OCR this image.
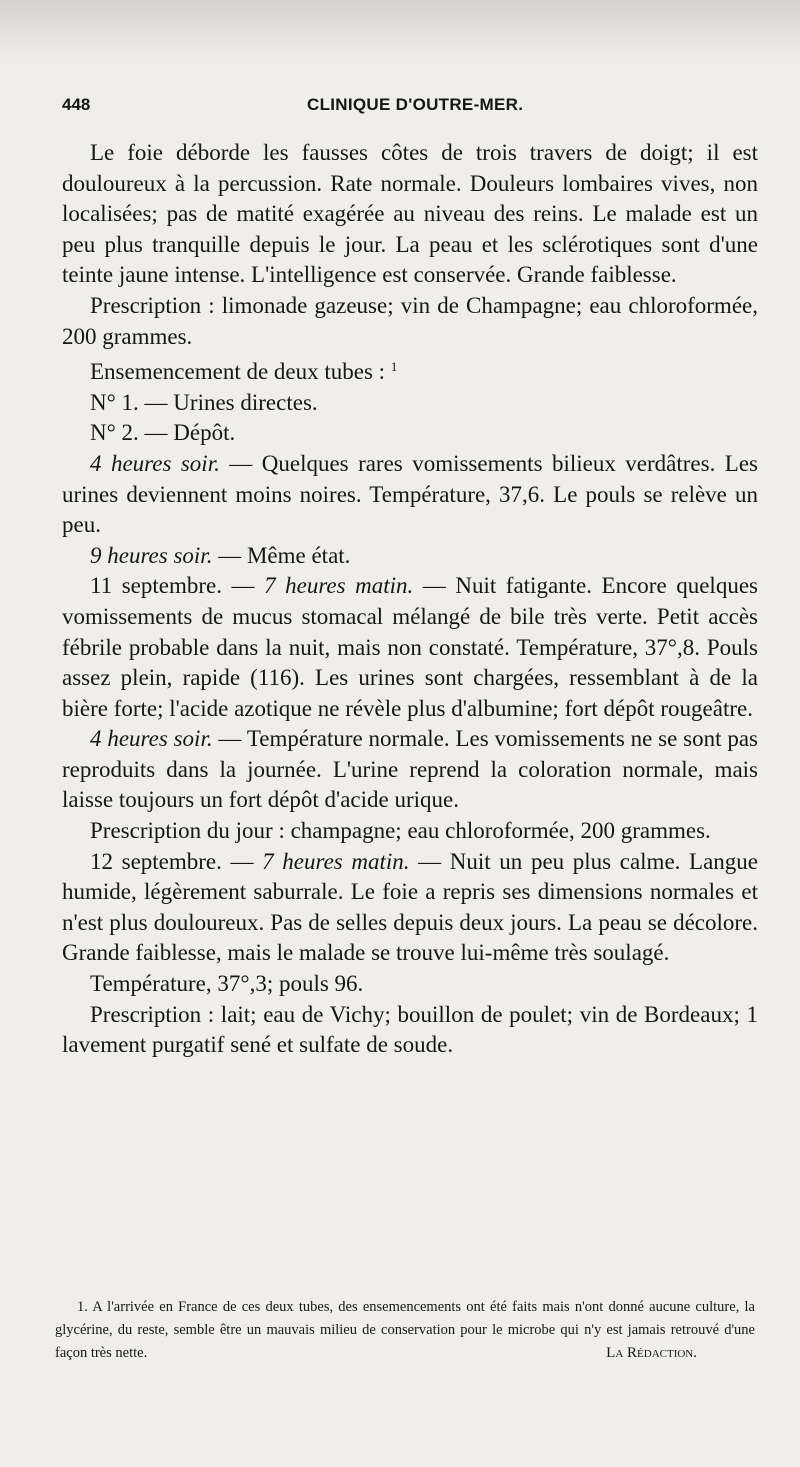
448	CLINIQUE D'OUTRE-MER.

Le foie déborde les fausses côtes de trois travers de doigt; il est douloureux à la percussion. Rate normale. Douleurs lombaires vives, non localisées; pas de matité exagérée au niveau des reins. Le malade est un peu plus tranquille depuis le jour. La peau et les sclérotiques sont d'une teinte jaune intense. L'intelligence est conservée. Grande faiblesse.

Prescription : limonade gazeuse; vin de Champagne; eau chloroformée, 200 grammes.

Ensemencement de deux tubes : $^1$

N° 1. — Urines directes.

N° 2. — Dépôt.

4 heures soir. — Quelques rares vomissements bilieux verdâtres. Les urines deviennent moins noires. Température, 37,6. Le pouls se relève un peu.

9 heures soir. — Même état.

11 septembre. — 7 heures matin. — Nuit fatigante. Encore quelques vomissements de mucus stomacal mélangé de bile très verte. Petit accès fébrile probable dans la nuit, mais non constaté. Température, 37°,8. Pouls assez plein, rapide (116). Les urines sont chargées, ressemblant à de la bière forte; l'acide azotique ne révèle plus d'albumine; fort dépôt rougeâtre.

4 heures soir. — Température normale. Les vomissements ne se sont pas reproduits dans la journée. L'urine reprend la coloration normale, mais laisse toujours un fort dépôt d'acide urique.

Prescription du jour : champagne; eau chloroformée, 200 grammes.

12 septembre. — 7 heures matin. — Nuit un peu plus calme. Langue humide, légèrement saburrale. Le foie a repris ses dimensions normales et n'est plus douloureux. Pas de selles depuis deux jours. La peau se décolore. Grande faiblesse, mais le malade se trouve lui-même très soulagé.

Température, 37°,3; pouls 96.

Prescription : lait; eau de Vichy; bouillon de poulet; vin de Bordeaux; 1 lavement purgatif sené et sulfate de soude.

1. A l'arrivée en France de ces deux tubes, des ensemencements ont été faits mais n'ont donné aucune culture, la glycérine, du reste, semble être un mauvais milieu de conservation pour le microbe qui n'y est jamais retrouvé d'une façon très nette.	La Rédaction.
